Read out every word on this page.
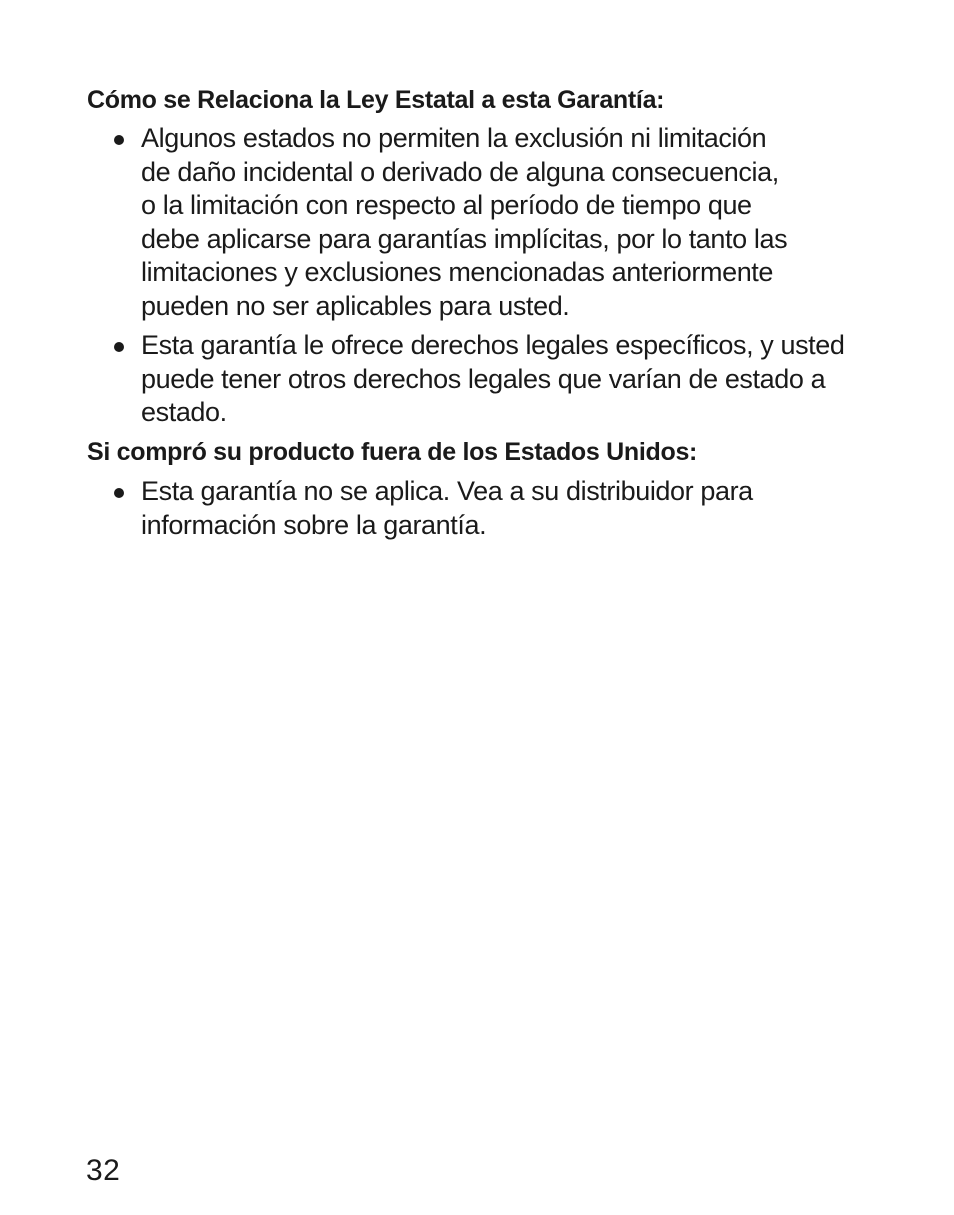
Cómo se Relaciona la Ley Estatal a esta Garantía:
Algunos estados no permiten la exclusión ni limitación
de daño incidental o derivado de alguna consecuencia,
o la limitación con respecto al período de tiempo que
debe aplicarse para garantías implícitas, por lo tanto las
limitaciones y exclusiones mencionadas anteriormente
pueden no ser aplicables para usted.
Esta garantía le ofrece derechos legales específicos, y usted
puede tener otros derechos legales que varían de estado a
estado.
Si compró su producto fuera de los Estados Unidos:
Esta garantía no se aplica. Vea a su distribuidor para
información sobre la garantía.
32
